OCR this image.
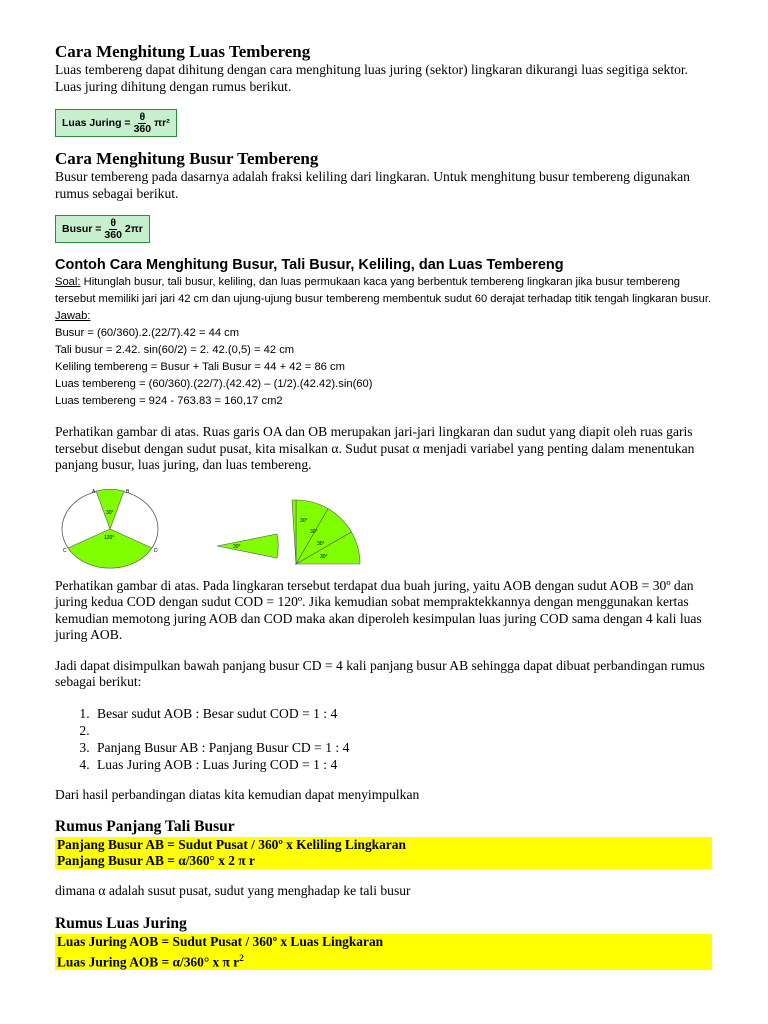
Cara Menghitung Luas Tembereng

Luas tembereng dapat dihitung dengan cara menghitung luas juring (sektor) lingkaran dikurangi luas segitiga sektor. Luas juring dihitung dengan rumus berikut.

Luas Juring = $\frac{\theta}{360} \pi r^2$
Cara Menghitung Busur Tembereng

Busur tembereng pada dasarnya adalah fraksi keliling dari lingkaran. Untuk menghitung busur tembereng digunakan rumus sebagai berikut.

Busur = $\frac{\theta}{360} 2\pi r$
Contoh Cara Menghitung Busur, Tali Busur, Keliling, dan Luas Tembereng

Soal: Hitunglah busur, tali busur, keliling, dan luas permukaan kaca yang berbentuk tembereng lingkaran jika busur tembereng tersebut memiliki jari jari 42 cm dan ujung-ujung busur tembereng membentuk sudut 60 derajat terhadap titik tengah lingkaran busur.

Jawab:

Busur = (60/360).2.(22/7).42 = 44 cm

Tali busur = 2.42. sin(60/2) = 2. 42.(0,5) = 42 cm

Keliling tembereng = Busur + Tali Busur = 44 + 42 = 86 cm

Luas tembereng = (60/360).(22/7).(42.42) – (1/2).(42.42).sin(60)

Luas tembereng = 924 - 763.83 = 160,17 cm2

Perhatikan gambar di atas. Ruas garis OA dan OB merupakan jari-jari lingkaran dan sudut yang diapit oleh ruas garis tersebut disebut dengan sudut pusat, kita misalkan α. Sudut pusat α menjadi variabel yang penting dalam menentukan panjang busur, luas juring, dan luas tembereng.

A	B
C	D
30°
120°
30°
30°
30°
30°
30°

Perhatikan gambar di atas. Pada lingkaran tersebut terdapat dua buah juring, yaitu AOB dengan sudut AOB = 30º dan juring kedua COD dengan sudut COD = 120º. Jika kemudian sobat mempraktekkannya dengan menggunakan kertas kemudian memotong juring AOB dan COD maka akan diperoleh kesimpulan luas juring COD sama dengan 4 kali luas juring AOB.

Jadi dapat disimpulkan bawah panjang busur CD = 4 kali panjang busur AB sehingga dapat dibuat perbandingan rumus sebagai berikut:

1. Besar sudut AOB : Besar sudut COD = 1 : 4
2.
3. Panjang Busur AB : Panjang Busur CD = 1 : 4
4. Luas Juring AOB : Luas Juring COD = 1 : 4

Dari hasil perbandingan diatas kita kemudian dapat menyimpulkan

Rumus Panjang Tali Busur
Panjang Busur AB = Sudut Pusat / 360º x Keliling Lingkaran
Panjang Busur AB = α/360° x 2 π r

dimana α adalah susut pusat, sudut yang menghadap ke tali busur

Rumus Luas Juring
Luas Juring AOB = Sudut Pusat / 360º x Luas Lingkaran
Luas Juring AOB = α/360° x π $r^2$
